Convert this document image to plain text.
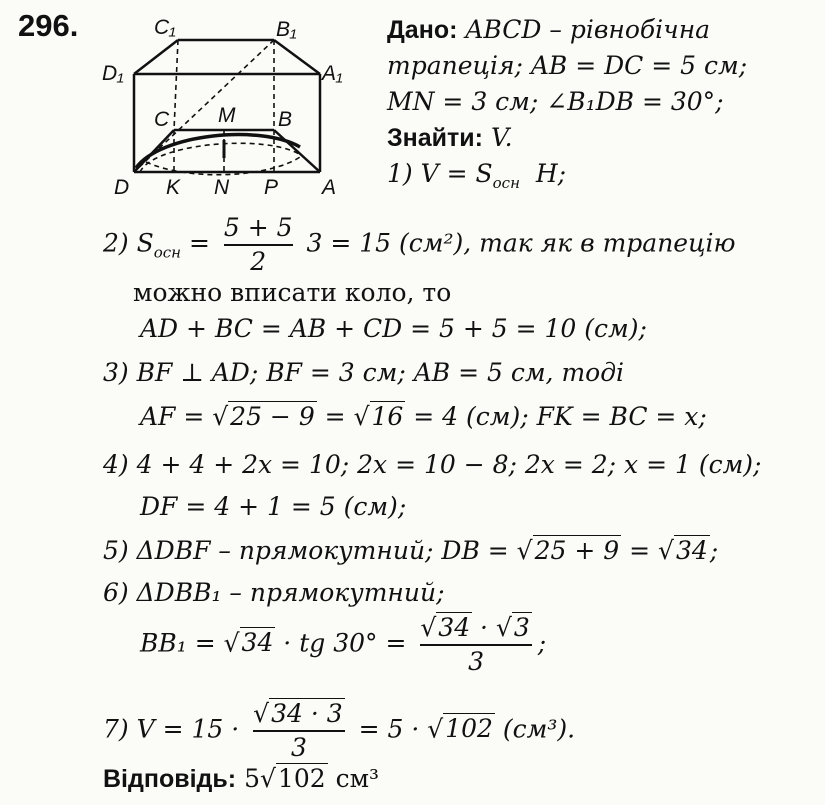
296.	C₁	B₁
D₁	A₁
C M B
D K N P A
Дано: ABCD – рівнобічна
трапеція; AB = DC = 5 см;
MN = 3 см; ∠B₁DB = 30°;
Знайти: V.
1) $V = S_{осн}$ H;
2) $S_{осн} = \frac{5 + 5}{2} 3 = 15$ (см²), так як в трапецію
можно вписати коло, то
AD + BC = AB + CD = 5 + 5 = 10 (см);
3) BF ⊥ AD; BF = 3 см; AB = 5 см, тоді
AF = √25 − 9 = √16 = 4 (см); FK = BC = x;
4) 4 + 4 + 2x = 10; 2x = 10 − 8; 2x = 2; x = 1 (см);
DF = 4 + 1 = 5 (см);
5) ΔDBF – прямокутний; DB = √25 + 9 = √34;
6) ΔDBB₁ – прямокутний;
BB₁ = √34 · tg $30^\circ = \frac{√34 \cdot √3}{3}$ ;
7) $V = 15 \cdot \frac{√34 \cdot 3}{3} = 5 \cdot √102$ (см³).
Відповідь: 5√102 см³
